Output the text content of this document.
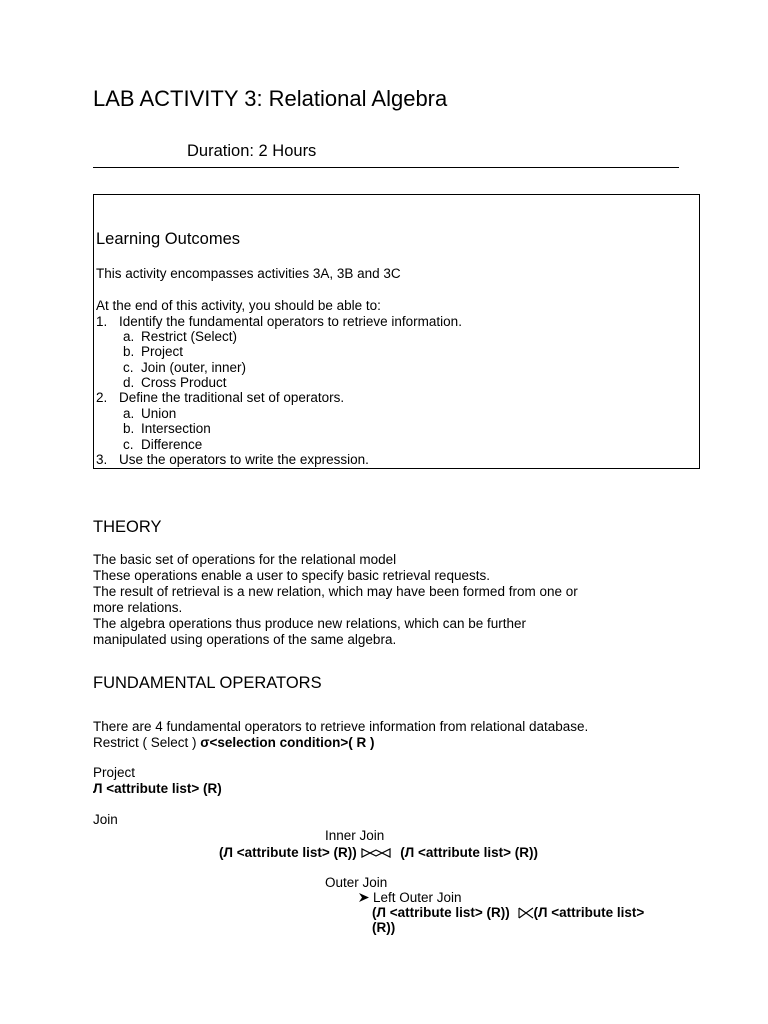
LAB ACTIVITY 3: Relational Algebra
Duration: 2 Hours
Learning Outcomes
This activity encompasses activities 3A, 3B and 3C
At the end of this activity, you should be able to:
1. Identify the fundamental operators to retrieve information.
a. Restrict (Select)
b. Project
c. Join (outer, inner)
d. Cross Product
2. Define the traditional set of operators.
a. Union
b. Intersection
c. Difference
3. Use the operators to write the expression.
THEORY
The basic set of operations for the relational model
These operations enable a user to specify basic retrieval requests.
The result of retrieval is a new relation, which may have been formed from one or
more relations.
The algebra operations thus produce new relations, which can be further
manipulated using operations of the same algebra.
FUNDAMENTAL OPERATORS
There are 4 fundamental operators to retrieve information from relational database.
Restrict ( Select ) σ<selection condition>( R )
Project
Л <attribute list> (R)
Join
Inner Join
(Л <attribute list> (R))	(Л <attribute list> (R))
Outer Join
Left Outer Join
(Л <attribute list> (R)) (Л <attribute list>
(R))
